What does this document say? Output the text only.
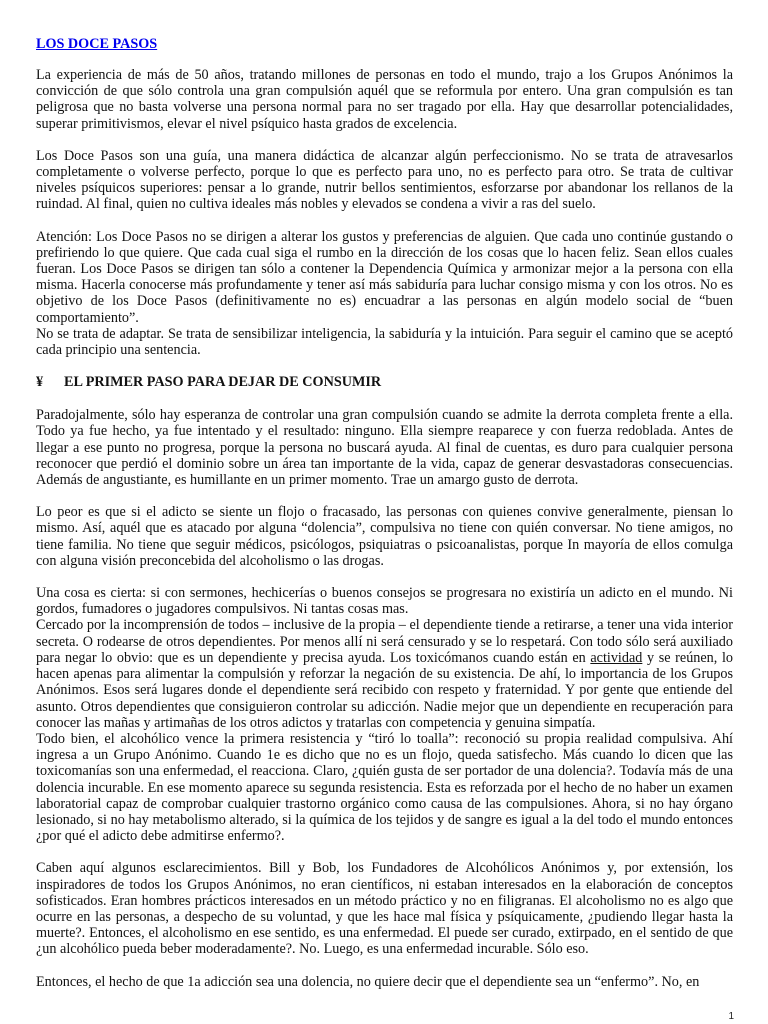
LOS DOCE PASOS

La experiencia de más de 50 años, tratando millones de personas en todo el mundo, trajo a los Grupos Anónimos la convicción de que sólo controla una gran compulsión aquél que se reformula por entero. Una gran compulsión es tan peligrosa que no basta volverse una persona normal para no ser tragado por ella. Hay que desarrollar potencialidades, superar primitivismos, elevar el nivel psíquico hasta grados de excelencia.

Los Doce Pasos son una guía, una manera didáctica de alcanzar algún perfeccionismo. No se trata de atravesarlos completamente o volverse perfecto, porque lo que es perfecto para uno, no es perfecto para otro. Se trata de cultivar niveles psíquicos superiores: pensar a lo grande, nutrir bellos sentimientos, esforzarse por abandonar los rellanos de la ruindad. Al final, quien no cultiva ideales más nobles y elevados se condena a vivir a ras del suelo.

Atención: Los Doce Pasos no se dirigen a alterar los gustos y preferencias de alguien. Que cada uno continúe gustando o prefiriendo lo que quiere. Que cada cual siga el rumbo en la dirección de los cosas que lo hacen feliz. Sean ellos cuales fueran. Los Doce Pasos se dirigen tan sólo a contener la Dependencia Química y armonizar mejor a la persona con ella misma. Hacerla conocerse más profundamente y tener así más sabiduría para luchar consigo misma y con los otros. No es objetivo de los Doce Pasos (definitivamente no es) encuadrar a las personas en algún modelo social de “buen comportamiento”.

No se trata de adaptar. Se trata de sensibilizar inteligencia, la sabiduría y la intuición. Para seguir el camino que se aceptó cada principio una sentencia.

¥ EL PRIMER PASO PARA DEJAR DE CONSUMIR

Paradojalmente, sólo hay esperanza de controlar una gran compulsión cuando se admite la derrota completa frente a ella. Todo ya fue hecho, ya fue intentado y el resultado: ninguno. Ella siempre reaparece y con fuerza redoblada. Antes de llegar a ese punto no progresa, porque la persona no buscará ayuda. Al final de cuentas, es duro para cualquier persona reconocer que perdió el dominio sobre un área tan importante de la vida, capaz de generar desvastadoras consecuencias. Además de angustiante, es humillante en un primer momento. Trae un amargo gusto de derrota.

Lo peor es que si el adicto se siente un flojo o fracasado, las personas con quienes convive generalmente, piensan lo mismo. Así, aquél que es atacado por alguna “dolencia”, compulsiva no tiene con quién conversar. No tiene amigos, no tiene familia. No tiene que seguir médicos, psicólogos, psiquiatras o psicoanalistas, porque In mayoría de ellos comulga con alguna visión preconcebida del alcoholismo o las drogas.

Una cosa es cierta: si con sermones, hechicerías o buenos consejos se progresara no existiría un adicto en el mundo. Ni gordos, fumadores o jugadores compulsivos. Ni tantas cosas mas.

Cercado por la incomprensión de todos – inclusive de la propia – el dependiente tiende a retirarse, a tener una vida interior secreta. O rodearse de otros dependientes. Por menos allí ni será censurado y se lo respetará. Con todo sólo será auxiliado para negar lo obvio: que es un dependiente y precisa ayuda. Los toxicómanos cuando están en actividad y se reúnen, lo hacen apenas para alimentar la compulsión y reforzar la negación de su existencia. De ahí, lo importancia de los Grupos Anónimos. Esos será lugares donde el dependiente será recibido con respeto y fraternidad. Y por gente que entiende del asunto. Otros dependientes que consiguieron controlar su adicción. Nadie mejor que un dependiente en recuperación para conocer las mañas y artimañas de los otros adictos y tratarlas con competencia y genuina simpatía.

Todo bien, el alcohólico vence la primera resistencia y “tiró lo toalla”: reconoció su propia realidad compulsiva. Ahí ingresa a un Grupo Anónimo. Cuando 1e es dicho que no es un flojo, queda satisfecho. Más cuando lo dicen que las toxicomanías son una enfermedad, el reacciona. Claro, ¿quién gusta de ser portador de una dolencia?. Todavía más de una dolencia incurable. En ese momento aparece su segunda resistencia. Esta es reforzada por el hecho de no haber un examen laboratorial capaz de comprobar cualquier trastorno orgánico como causa de las compulsiones. Ahora, si no hay órgano lesionado, si no hay metabolismo alterado, si la química de los tejidos y de sangre es igual a la del todo el mundo entonces ¿por qué el adicto debe admitirse enfermo?.

Caben aquí algunos esclarecimientos. Bill y Bob, los Fundadores de Alcohólicos Anónimos y, por extensión, los inspiradores de todos los Grupos Anónimos, no eran científicos, ni estaban interesados en la elaboración de conceptos sofisticados. Eran hombres prácticos interesados en un método práctico y no en filigranas. El alcoholismo no es algo que ocurre en las personas, a despecho de su voluntad, y que les hace mal física y psíquicamente, ¿pudiendo llegar hasta la muerte?. Entonces, el alcoholismo en ese sentido, es una enfermedad. El puede ser curado, extirpado, en el sentido de que ¿un alcohólico pueda beber moderadamente?. No. Luego, es una enfermedad incurable. Sólo eso.

Entonces, el hecho de que 1a adicción sea una dolencia, no quiere decir que el dependiente sea un “enfermo”. No, en

1
